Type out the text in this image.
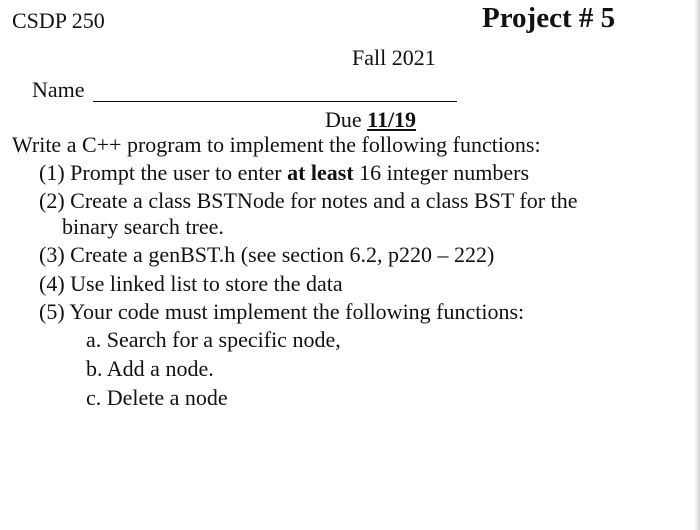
CSDP 250	Project # 5
Fall 2021
Name
Due 11/19
Write a C++ program to implement the following functions:
(1) Prompt the user to enter at least 16 integer numbers
(2) Create a class BSTNode for notes and a class BST for the
binary search tree.
(3) Create a genBST.h (see section 6.2, p220 – 222)
(4) Use linked list to store the data
(5) Your code must implement the following functions:
a. Search for a specific node,
b. Add a node.
c. Delete a node
